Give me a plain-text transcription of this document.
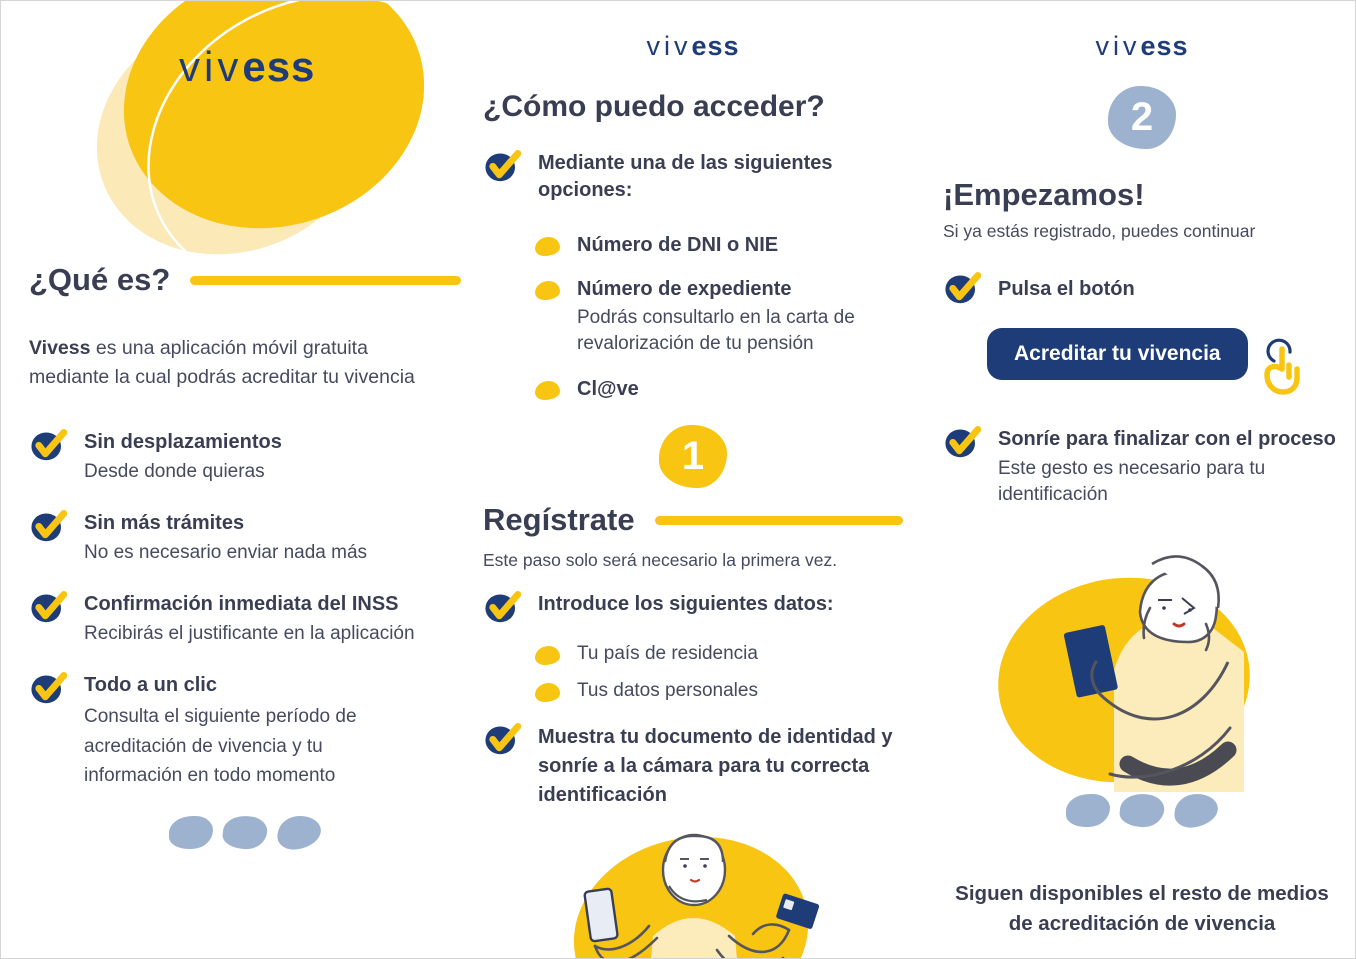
vivess
¿Qué es?

Vivess es una aplicación móvil gratuita mediante la cual podrás acreditar tu vivencia

Sin desplazamientos
Desde donde quieras
Sin más trámites
No es necesario enviar nada más
Confirmación inmediata del INSS
Recibirás el justificante en la aplicación
Todo a un clic
Consulta el siguiente período de acreditación de vivencia y tu información en todo momento
vivess
¿Cómo puedo acceder?
Mediante una de las siguientes opciones:
Número de DNI o NIE
Número de expediente
Podrás consultarlo en la carta de revalorización de tu pensión
Cl@ve
1
Regístrate
Este paso solo será necesario la primera vez.
Introduce los siguientes datos:
Tu país de residencia
Tus datos personales
Muestra tu documento de identidad y sonríe a la cámara para tu correcta identificación
vivess
2
¡Empezamos!
Si ya estás registrado, puedes continuar
Pulsa el botón
Acreditar tu vivencia
Sonríe para finalizar con el proceso
Este gesto es necesario para tu identificación
Siguen disponibles el resto de medios de acreditación de vivencia
